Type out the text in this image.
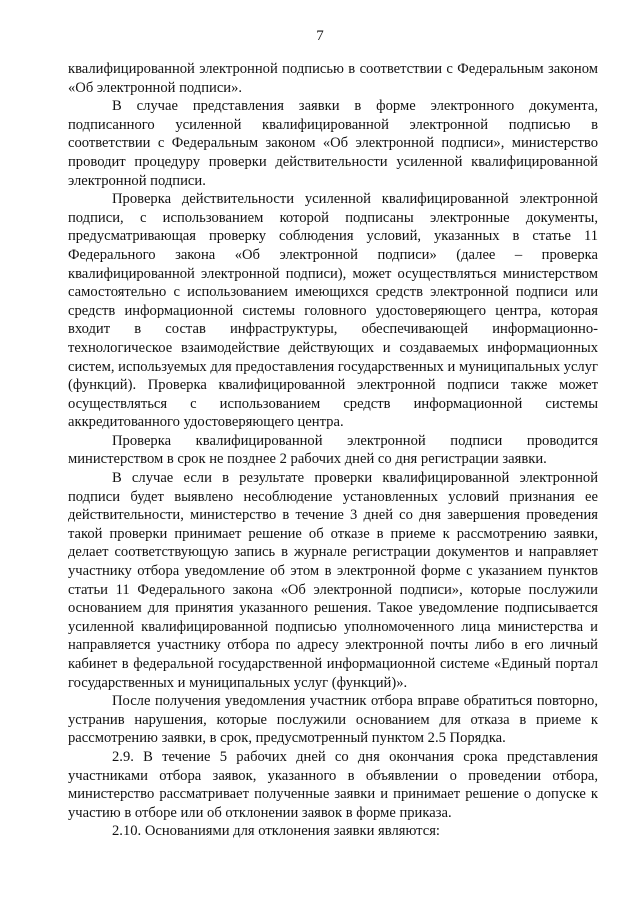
7

квалифицированной электронной подписью в соответствии с Федеральным законом «Об электронной подписи».

В случае представления заявки в форме электронного документа, подписанного усиленной квалифицированной электронной подписью в соответствии с Федеральным законом «Об электронной подписи», министерство проводит процедуру проверки действительности усиленной квалифицированной электронной подписи.

Проверка действительности усиленной квалифицированной электронной подписи, с использованием которой подписаны электронные документы, предусматривающая проверку соблюдения условий, указанных в статье 11 Федерального закона «Об электронной подписи» (далее – проверка квалифицированной электронной подписи), может осуществляться министерством самостоятельно с использованием имеющихся средств электронной подписи или средств информационной системы головного удостоверяющего центра, которая входит в состав инфраструктуры, обеспечивающей информационно-технологическое взаимодействие действующих и создаваемых информационных систем, используемых для предоставления государственных и муниципальных услуг (функций). Проверка квалифицированной электронной подписи также может осуществляться с использованием средств информационной системы аккредитованного удостоверяющего центра.

Проверка квалифицированной электронной подписи проводится министерством в срок не позднее 2 рабочих дней со дня регистрации заявки.

В случае если в результате проверки квалифицированной электронной подписи будет выявлено несоблюдение установленных условий признания ее действительности, министерство в течение 3 дней со дня завершения проведения такой проверки принимает решение об отказе в приеме к рассмотрению заявки, делает соответствующую запись в журнале регистрации документов и направляет участнику отбора уведомление об этом в электронной форме с указанием пунктов статьи 11 Федерального закона «Об электронной подписи», которые послужили основанием для принятия указанного решения. Такое уведомление подписывается усиленной квалифицированной подписью уполномоченного лица министерства и направляется участнику отбора по адресу электронной почты либо в его личный кабинет в федеральной государственной информационной системе «Единый портал государственных и муниципальных услуг (функций)».

После получения уведомления участник отбора вправе обратиться повторно, устранив нарушения, которые послужили основанием для отказа в приеме к рассмотрению заявки, в срок, предусмотренный пунктом 2.5 Порядка.

2.9. В течение 5 рабочих дней со дня окончания срока представления участниками отбора заявок, указанного в объявлении о проведении отбора, министерство рассматривает полученные заявки и принимает решение о допуске к участию в отборе или об отклонении заявок в форме приказа.

2.10. Основаниями для отклонения заявки являются:
